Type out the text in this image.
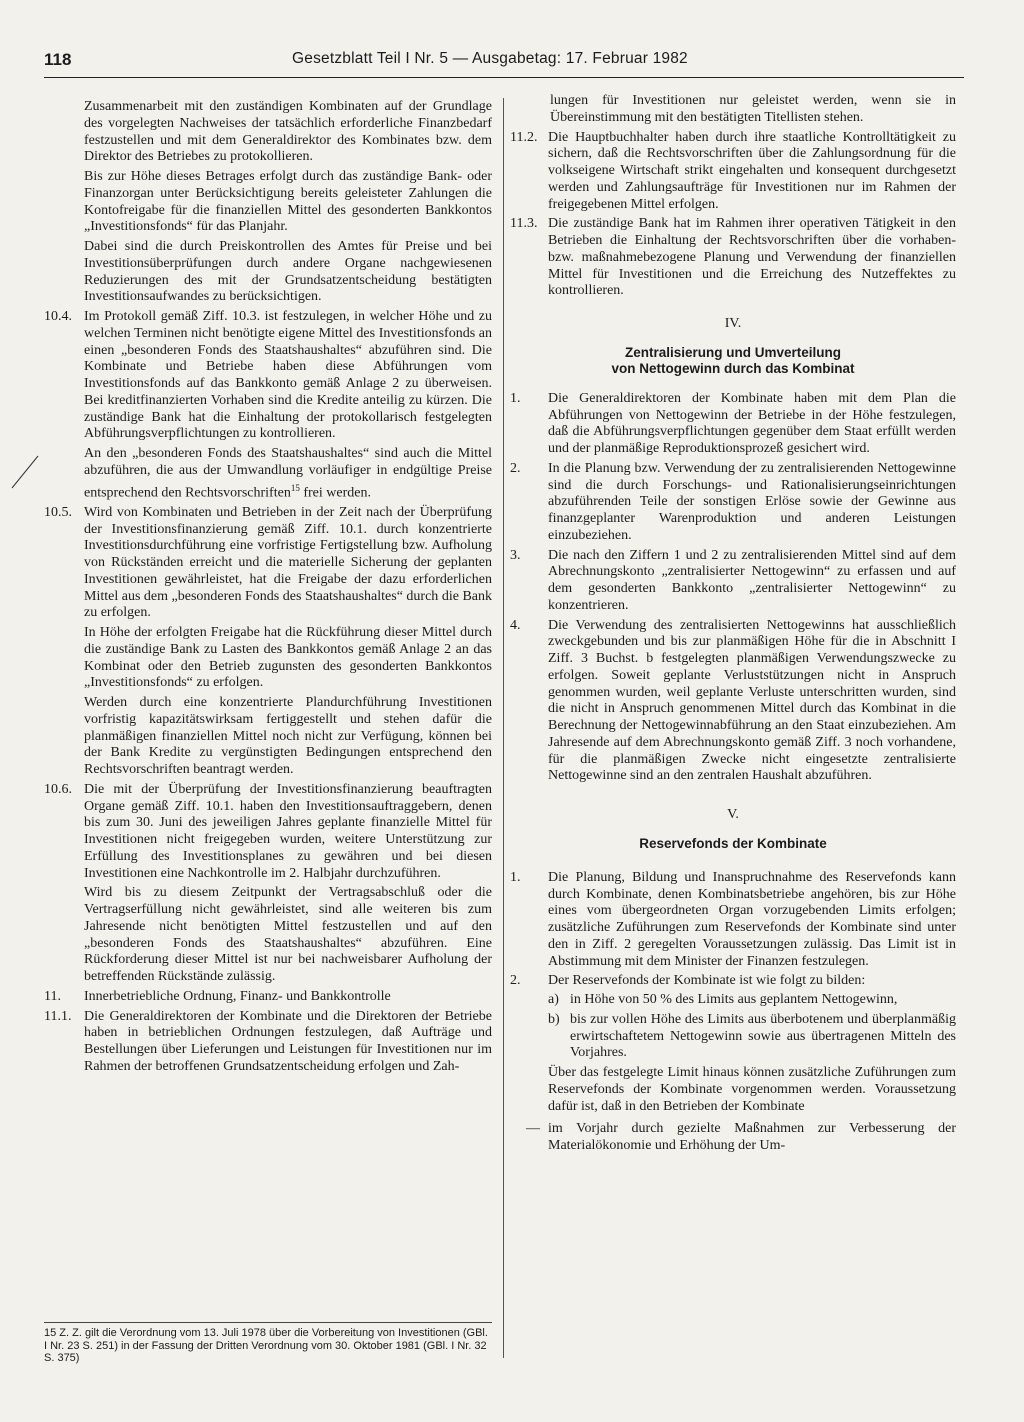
118	Gesetzblatt Teil I Nr. 5 — Ausgabetag: 17. Februar 1982

Zusammenarbeit mit den zuständigen Kombinaten auf der Grundlage des vorgelegten Nachweises der tatsächlich erforderliche Finanzbedarf festzustellen und mit dem Generaldirektor des Kombinates bzw. dem Direktor des Betriebes zu protokollieren.

Bis zur Höhe dieses Betrages erfolgt durch das zuständige Bank- oder Finanzorgan unter Berücksichtigung bereits geleisteter Zahlungen die Kontofreigabe für die finanziellen Mittel des gesonderten Bankkontos „Investitionsfonds“ für das Planjahr.

Dabei sind die durch Preiskontrollen des Amtes für Preise und bei Investitionsüberprüfungen durch andere Organe nachgewiesenen Reduzierungen des mit der Grundsatzentscheidung bestätigten Investitionsaufwandes zu berücksichtigen.

10.4. Im Protokoll gemäß Ziff. 10.3. ist festzulegen, in welcher Höhe und zu welchen Terminen nicht benötigte eigene Mittel des Investitionsfonds an einen „besonderen Fonds des Staatshaushaltes“ abzuführen sind. Die Kombinate und Betriebe haben diese Abführungen vom Investitionsfonds auf das Bankkonto gemäß Anlage 2 zu überweisen. Bei kreditfinanzierten Vorhaben sind die Kredite anteilig zu kürzen. Die zuständige Bank hat die Einhaltung der protokollarisch festgelegten Abführungsverpflichtungen zu kontrollieren.

An den „besonderen Fonds des Staatshaushaltes“ sind auch die Mittel abzuführen, die aus der Umwandlung vorläufiger in endgültige Preise entsprechend den Rechtsvorschriften$^{15}$ frei werden.

10.5. Wird von Kombinaten und Betrieben in der Zeit nach der Überprüfung der Investitionsfinanzierung gemäß Ziff. 10.1. durch konzentrierte Investitionsdurchführung eine vorfristige Fertigstellung bzw. Aufholung von Rückständen erreicht und die materielle Sicherung der geplanten Investitionen gewährleistet, hat die Freigabe der dazu erforderlichen Mittel aus dem „besonderen Fonds des Staatshaushaltes“ durch die Bank zu erfolgen.

In Höhe der erfolgten Freigabe hat die Rückführung dieser Mittel durch die zuständige Bank zu Lasten des Bankkontos gemäß Anlage 2 an das Kombinat oder den Betrieb zugunsten des gesonderten Bankkontos „Investitionsfonds“ zu erfolgen.

Werden durch eine konzentrierte Plandurchführung Investitionen vorfristig kapazitätswirksam fertiggestellt und stehen dafür die planmäßigen finanziellen Mittel noch nicht zur Verfügung, können bei der Bank Kredite zu vergünstigten Bedingungen entsprechend den Rechtsvorschriften beantragt werden.

10.6. Die mit der Überprüfung der Investitionsfinanzierung beauftragten Organe gemäß Ziff. 10.1. haben den Investitionsauftraggebern, denen bis zum 30. Juni des jeweiligen Jahres geplante finanzielle Mittel für Investitionen nicht freigegeben wurden, weitere Unterstützung zur Erfüllung des Investitionsplanes zu gewähren und bei diesen Investitionen eine Nachkontrolle im 2. Halbjahr durchzuführen.

Wird bis zu diesem Zeitpunkt der Vertragsabschluß oder die Vertragserfüllung nicht gewährleistet, sind alle weiteren bis zum Jahresende nicht benötigten Mittel festzustellen und auf den „besonderen Fonds des Staatshaushaltes“ abzuführen. Eine Rückforderung dieser Mittel ist nur bei nachweisbarer Aufholung der betreffenden Rückstände zulässig.

11.	Innerbetriebliche Ordnung, Finanz- und Bankkontrolle
11.1. Die Generaldirektoren der Kombinate und die Direktoren der Betriebe haben in betrieblichen Ordnungen festzulegen, daß Aufträge und Bestellungen über Lieferungen und Leistungen für Investitionen nur im Rahmen der betroffenen Grundsatzentscheidung erfolgen und Zah-
15 Z. Z. gilt die Verordnung vom 13. Juli 1978 über die Vorbereitung von Investitionen (GBl. I Nr. 23 S. 251) in der Fassung der Dritten Verordnung vom 30. Oktober 1981 (GBl. I Nr. 32 S. 375)

lungen für Investitionen nur geleistet werden, wenn sie in Übereinstimmung mit den bestätigten Titellisten stehen.

11.2. Die Hauptbuchhalter haben durch ihre staatliche Kontrolltätigkeit zu sichern, daß die Rechtsvorschriften über die Zahlungsordnung für die volkseigene Wirtschaft strikt eingehalten und konsequent durchgesetzt werden und Zahlungsaufträge für Investitionen nur im Rahmen der freigegebenen Mittel erfolgen.
11.3. Die zuständige Bank hat im Rahmen ihrer operativen Tätigkeit in den Betrieben die Einhaltung der Rechtsvorschriften über die vorhaben- bzw. maßnahmebezogene Planung und Verwendung der finanziellen Mittel für Investitionen und die Erreichung des Nutzeffektes zu kontrollieren.

IV.

Zentralisierung und Umverteilung
von Nettogewinn durch das Kombinat
1.	Die Generaldirektoren der Kombinate haben mit dem Plan die Abführungen von Nettogewinn der Betriebe in der Höhe festzulegen, daß die Abführungsverpflichtungen gegenüber dem Staat erfüllt werden und der planmäßige Reproduktionsprozeß gesichert wird.
2.	In die Planung bzw. Verwendung der zu zentralisierenden Nettogewinne sind die durch Forschungs- und Rationalisierungseinrichtungen abzuführenden Teile der sonstigen Erlöse sowie der Gewinne aus finanzgeplanter Warenproduktion und anderen Leistungen einzubeziehen.
3.	Die nach den Ziffern 1 und 2 zu zentralisierenden Mittel sind auf dem Abrechnungskonto „zentralisierter Nettogewinn“ zu erfassen und auf dem gesonderten Bankkonto „zentralisierter Nettogewinn“ zu konzentrieren.
4.	Die Verwendung des zentralisierten Nettogewinns hat ausschließlich zweckgebunden und bis zur planmäßigen Höhe für die in Abschnitt I Ziff. 3 Buchst. b festgelegten planmäßigen Verwendungszwecke zu erfolgen. Soweit geplante Verluststützungen nicht in Anspruch genommen wurden, weil geplante Verluste unterschritten wurden, sind die nicht in Anspruch genommenen Mittel durch das Kombinat in die Berechnung der Nettogewinnabführung an den Staat einzubeziehen. Am Jahresende auf dem Abrechnungskonto gemäß Ziff. 3 noch vorhandene, für die planmäßigen Zwecke nicht eingesetzte zentralisierte Nettogewinne sind an den zentralen Haushalt abzuführen.

V.

Reservefonds der Kombinate
1.	Die Planung, Bildung und Inanspruchnahme des Reservefonds kann durch Kombinate, denen Kombinatsbetriebe angehören, bis zur Höhe eines vom übergeordneten Organ vorzugebenden Limits erfolgen; zusätzliche Zuführungen zum Reservefonds der Kombinate sind unter den in Ziff. 2 geregelten Voraussetzungen zulässig. Das Limit ist in Abstimmung mit dem Minister der Finanzen festzulegen.
2.	Der Reservefonds der Kombinate ist wie folgt zu bilden:
a) in Höhe von 50 % des Limits aus geplantem Nettogewinn,
b) bis zur vollen Höhe des Limits aus überbotenem und überplanmäßig erwirtschaftetem Nettogewinn sowie aus übertragenen Mitteln des Vorjahres.
Über das festgelegte Limit hinaus können zusätzliche Zuführungen zum Reservefonds der Kombinate vorgenommen werden. Voraussetzung dafür ist, daß in den Betrieben der Kombinate
— im Vorjahr durch gezielte Maßnahmen zur Verbesserung der Materialökonomie und Erhöhung der Um-
